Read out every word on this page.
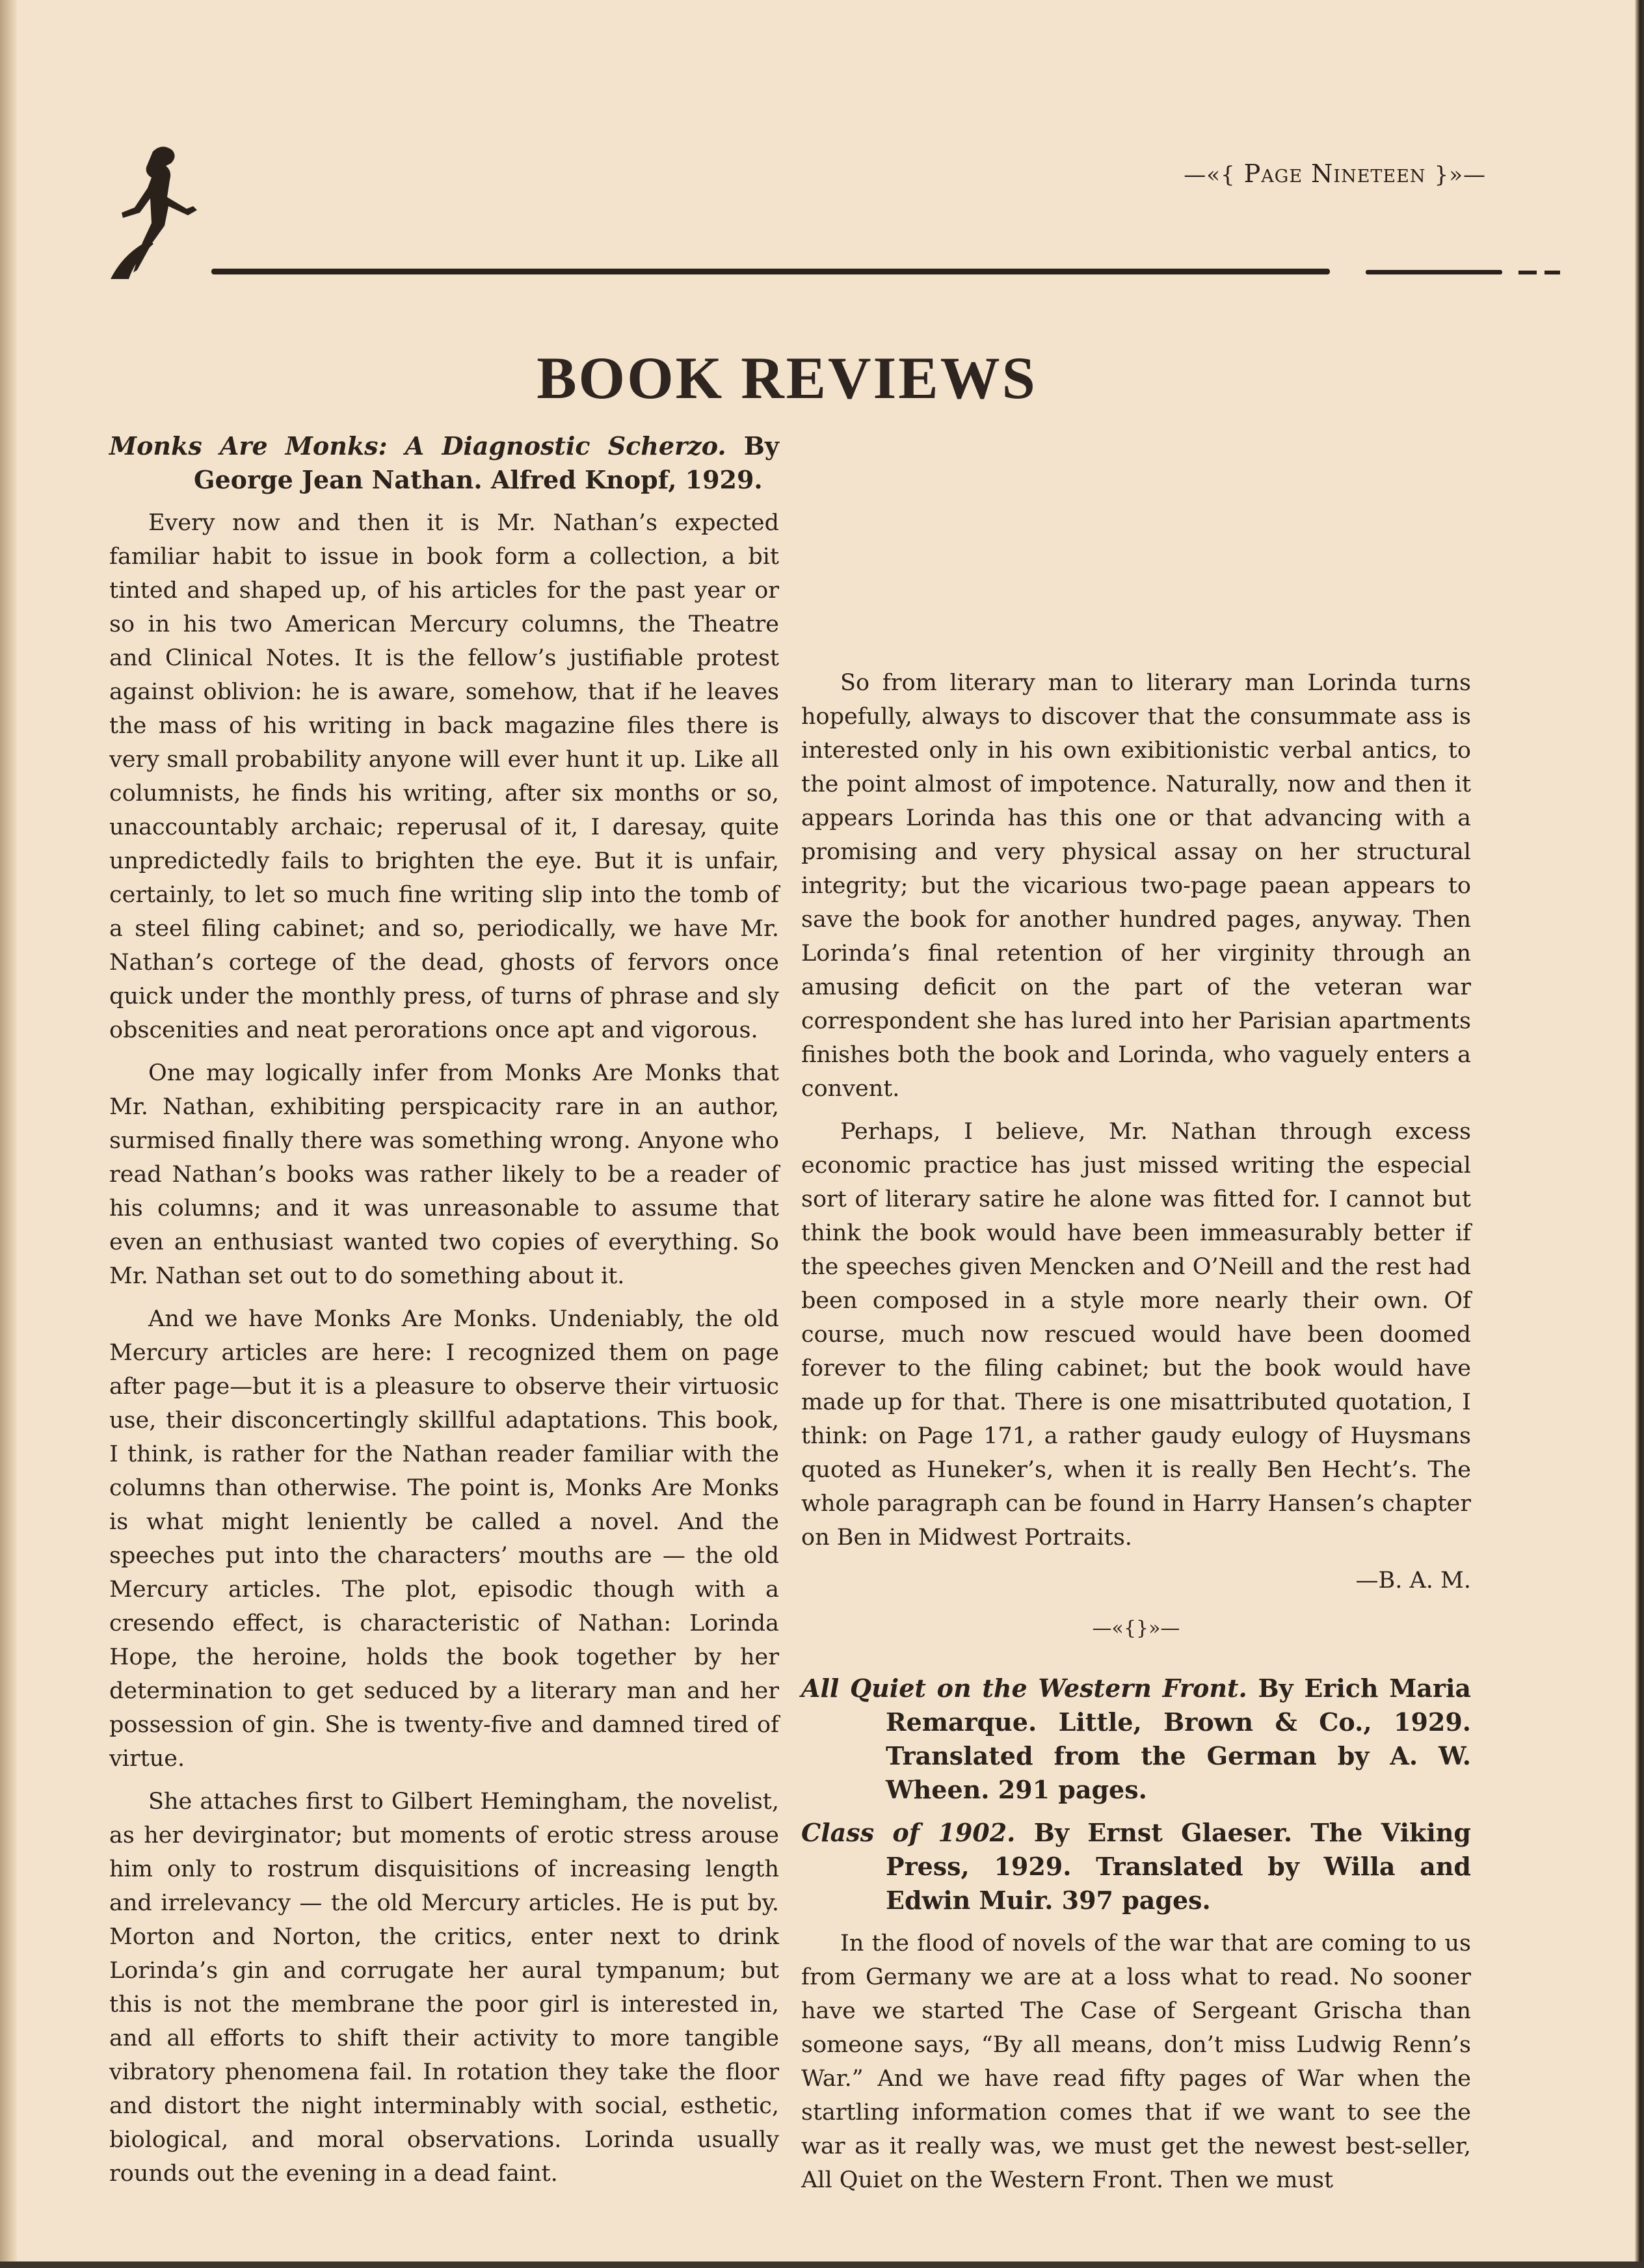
—«{ Page Nineteen }»—
BOOK REVIEWS
Monks Are Monks: A Diagnostic Scherzo. By George Jean Nathan. Alfred Knopf, 1929.

Every now and then it is Mr. Nathan’s expected familiar habit to issue in book form a collection, a bit tinted and shaped up, of his articles for the past year or so in his two American Mercury columns, the Theatre and Clinical Notes. It is the fellow’s justifiable protest against oblivion: he is aware, somehow, that if he leaves the mass of his writing in back magazine files there is very small probability anyone will ever hunt it up. Like all columnists, he finds his writing, after six months or so, unaccountably archaic; reperusal of it, I daresay, quite unpredictedly fails to brighten the eye. But it is unfair, certainly, to let so much fine writing slip into the tomb of a steel filing cabinet; and so, periodically, we have Mr. Nathan’s cortege of the dead, ghosts of fervors once quick under the monthly press, of turns of phrase and sly obscenities and neat perorations once apt and vigorous.

One may logically infer from Monks Are Monks that Mr. Nathan, exhibiting perspicacity rare in an author, surmised finally there was something wrong. Anyone who read Nathan’s books was rather likely to be a reader of his columns; and it was unreasonable to assume that even an enthusiast wanted two copies of everything. So Mr. Nathan set out to do something about it.

And we have Monks Are Monks. Undeniably, the old Mercury articles are here: I recognized them on page after page—but it is a pleasure to observe their virtuosic use, their disconcertingly skillful adaptations. This book, I think, is rather for the Nathan reader familiar with the columns than otherwise. The point is, Monks Are Monks is what might leniently be called a novel. And the speeches put into the characters’ mouths are — the old Mercury articles. The plot, episodic though with a cresendo effect, is characteristic of Nathan: Lorinda Hope, the heroine, holds the book together by her determination to get seduced by a literary man and her possession of gin. She is twenty-five and damned tired of virtue.

She attaches first to Gilbert Hemingham, the novelist, as her devirginator; but moments of erotic stress arouse him only to rostrum disquisitions of increasing length and irrelevancy — the old Mercury articles. He is put by. Morton and Norton, the critics, enter next to drink Lorinda’s gin and corrugate her aural tympanum; but this is not the membrane the poor girl is interested in, and all efforts to shift their activity to more tangible vibratory phenomena fail. In rotation they take the floor and distort the night interminably with social, esthetic, biological, and moral observations. Lorinda usually rounds out the evening in a dead faint.

So from literary man to literary man Lorinda turns hopefully, always to discover that the consummate ass is interested only in his own exibitionistic verbal antics, to the point almost of impotence. Naturally, now and then it appears Lorinda has this one or that advancing with a promising and very physical assay on her structural integrity; but the vicarious two-page paean appears to save the book for another hundred pages, anyway. Then Lorinda’s final retention of her virginity through an amusing deficit on the part of the veteran war correspondent she has lured into her Parisian apartments finishes both the book and Lorinda, who vaguely enters a convent.

Perhaps, I believe, Mr. Nathan through excess economic practice has just missed writing the especial sort of literary satire he alone was fitted for. I cannot but think the book would have been immeasurably better if the speeches given Mencken and O’Neill and the rest had been composed in a style more nearly their own. Of course, much now rescued would have been doomed forever to the filing cabinet; but the book would have made up for that. There is one misattributed quotation, I think: on Page 171, a rather gaudy eulogy of Huysmans quoted as Huneker’s, when it is really Ben Hecht’s. The whole paragraph can be found in Harry Hansen’s chapter on Ben in Midwest Portraits.

—B. A. M.
—«{}»—
All Quiet on the Western Front. By Erich Maria Remarque. Little, Brown & Co., 1929. Translated from the German by A. W. Wheen. 291 pages.
Class of 1902. By Ernst Glaeser. The Viking Press, 1929. Translated by Willa and Edwin Muir. 397 pages.

In the flood of novels of the war that are coming to us from Germany we are at a loss what to read. No sooner have we started The Case of Sergeant Grischa than someone says, “By all means, don’t miss Ludwig Renn’s War.” And we have read fifty pages of War when the startling information comes that if we want to see the war as it really was, we must get the newest best-seller, All Quiet on the Western Front. Then we must
